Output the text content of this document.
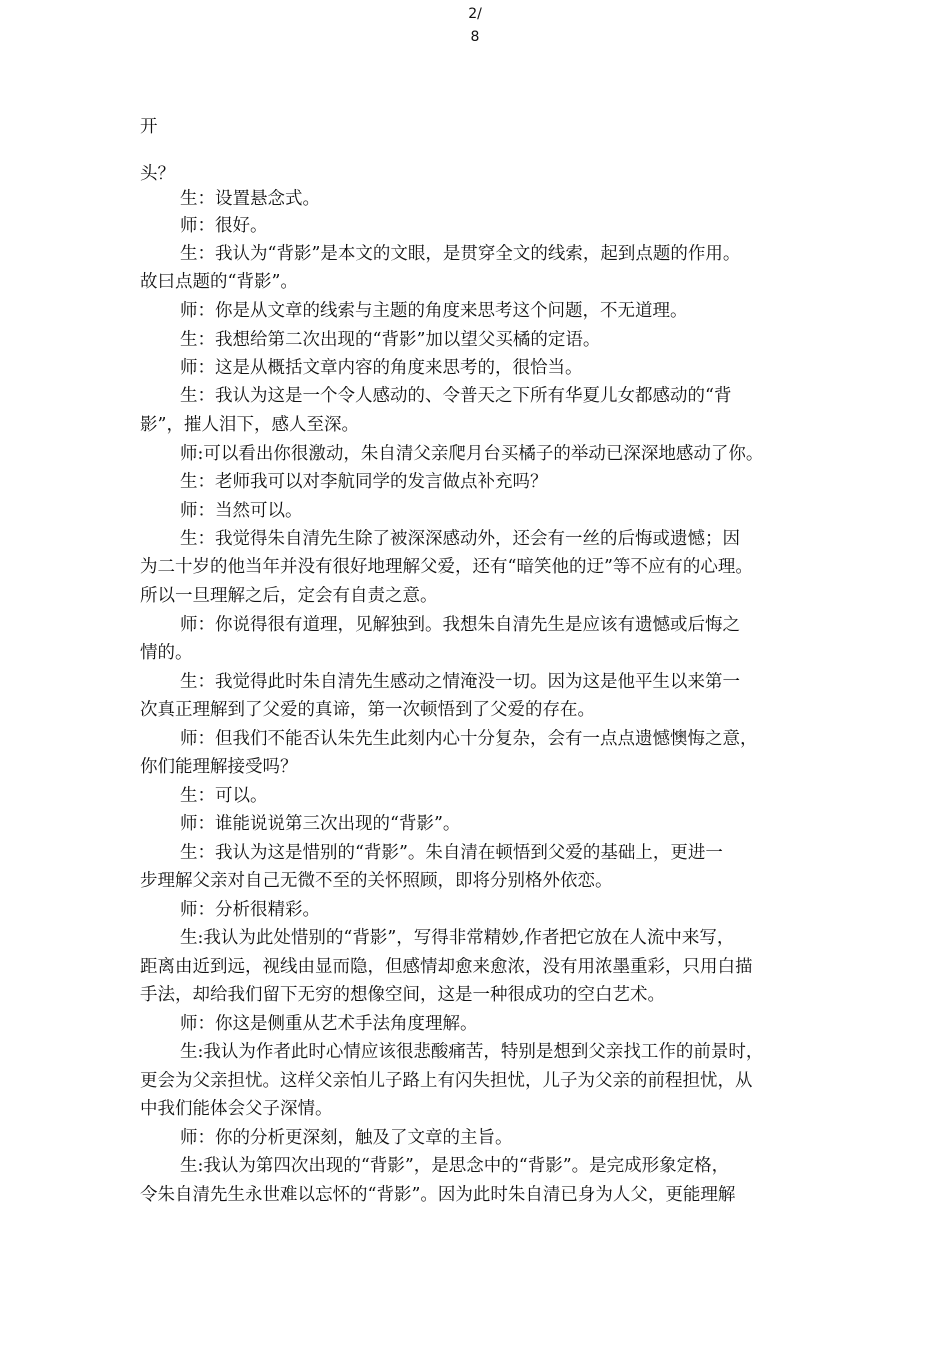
2/
8
开
头？
生：设置悬念式。
师：很好。
生：我认为“背影”是本文的文眼，是贯穿全文的线索，起到点题的作用。
故曰点题的“背影”。
师：你是从文章的线索与主题的角度来思考这个问题，不无道理。
生：我想给第二次出现的“背影”加以望父买橘的定语。
师：这是从概括文章内容的角度来思考的，很恰当。
生：我认为这是一个令人感动的、令普天之下所有华夏儿女都感动的“背
影”，摧人泪下，感人至深。
师:可以看出你很激动，朱自清父亲爬月台买橘子的举动已深深地感动了你。
生：老师我可以对李航同学的发言做点补充吗？
师：当然可以。
生：我觉得朱自清先生除了被深深感动外，还会有一丝的后悔或遗憾；因
为二十岁的他当年并没有很好地理解父爱，还有“暗笑他的迂”等不应有的心理。
所以一旦理解之后，定会有自责之意。
师：你说得很有道理，见解独到。我想朱自清先生是应该有遗憾或后悔之
情的。
生：我觉得此时朱自清先生感动之情淹没一切。因为这是他平生以来第一
次真正理解到了父爱的真谛，第一次顿悟到了父爱的存在。
师：但我们不能否认朱先生此刻内心十分复杂，会有一点点遗憾懊悔之意，
你们能理解接受吗？
生：可以。
师：谁能说说第三次出现的“背影”。
生：我认为这是惜别的“背影”。朱自清在顿悟到父爱的基础上，更进一
步理解父亲对自己无微不至的关怀照顾，即将分别格外依恋。
师：分析很精彩。
生:我认为此处惜别的“背影”，写得非常精妙,作者把它放在人流中来写，
距离由近到远，视线由显而隐，但感情却愈来愈浓，没有用浓墨重彩，只用白描
手法，却给我们留下无穷的想像空间，这是一种很成功的空白艺术。
师：你这是侧重从艺术手法角度理解。
生:我认为作者此时心情应该很悲酸痛苦，特别是想到父亲找工作的前景时，
更会为父亲担忧。这样父亲怕儿子路上有闪失担忧，儿子为父亲的前程担忧，从
中我们能体会父子深情。
师：你的分析更深刻，触及了文章的主旨。
生:我认为第四次出现的“背影”，是思念中的“背影”。是完成形象定格，
令朱自清先生永世难以忘怀的“背影”。因为此时朱自清已身为人父，更能理解
